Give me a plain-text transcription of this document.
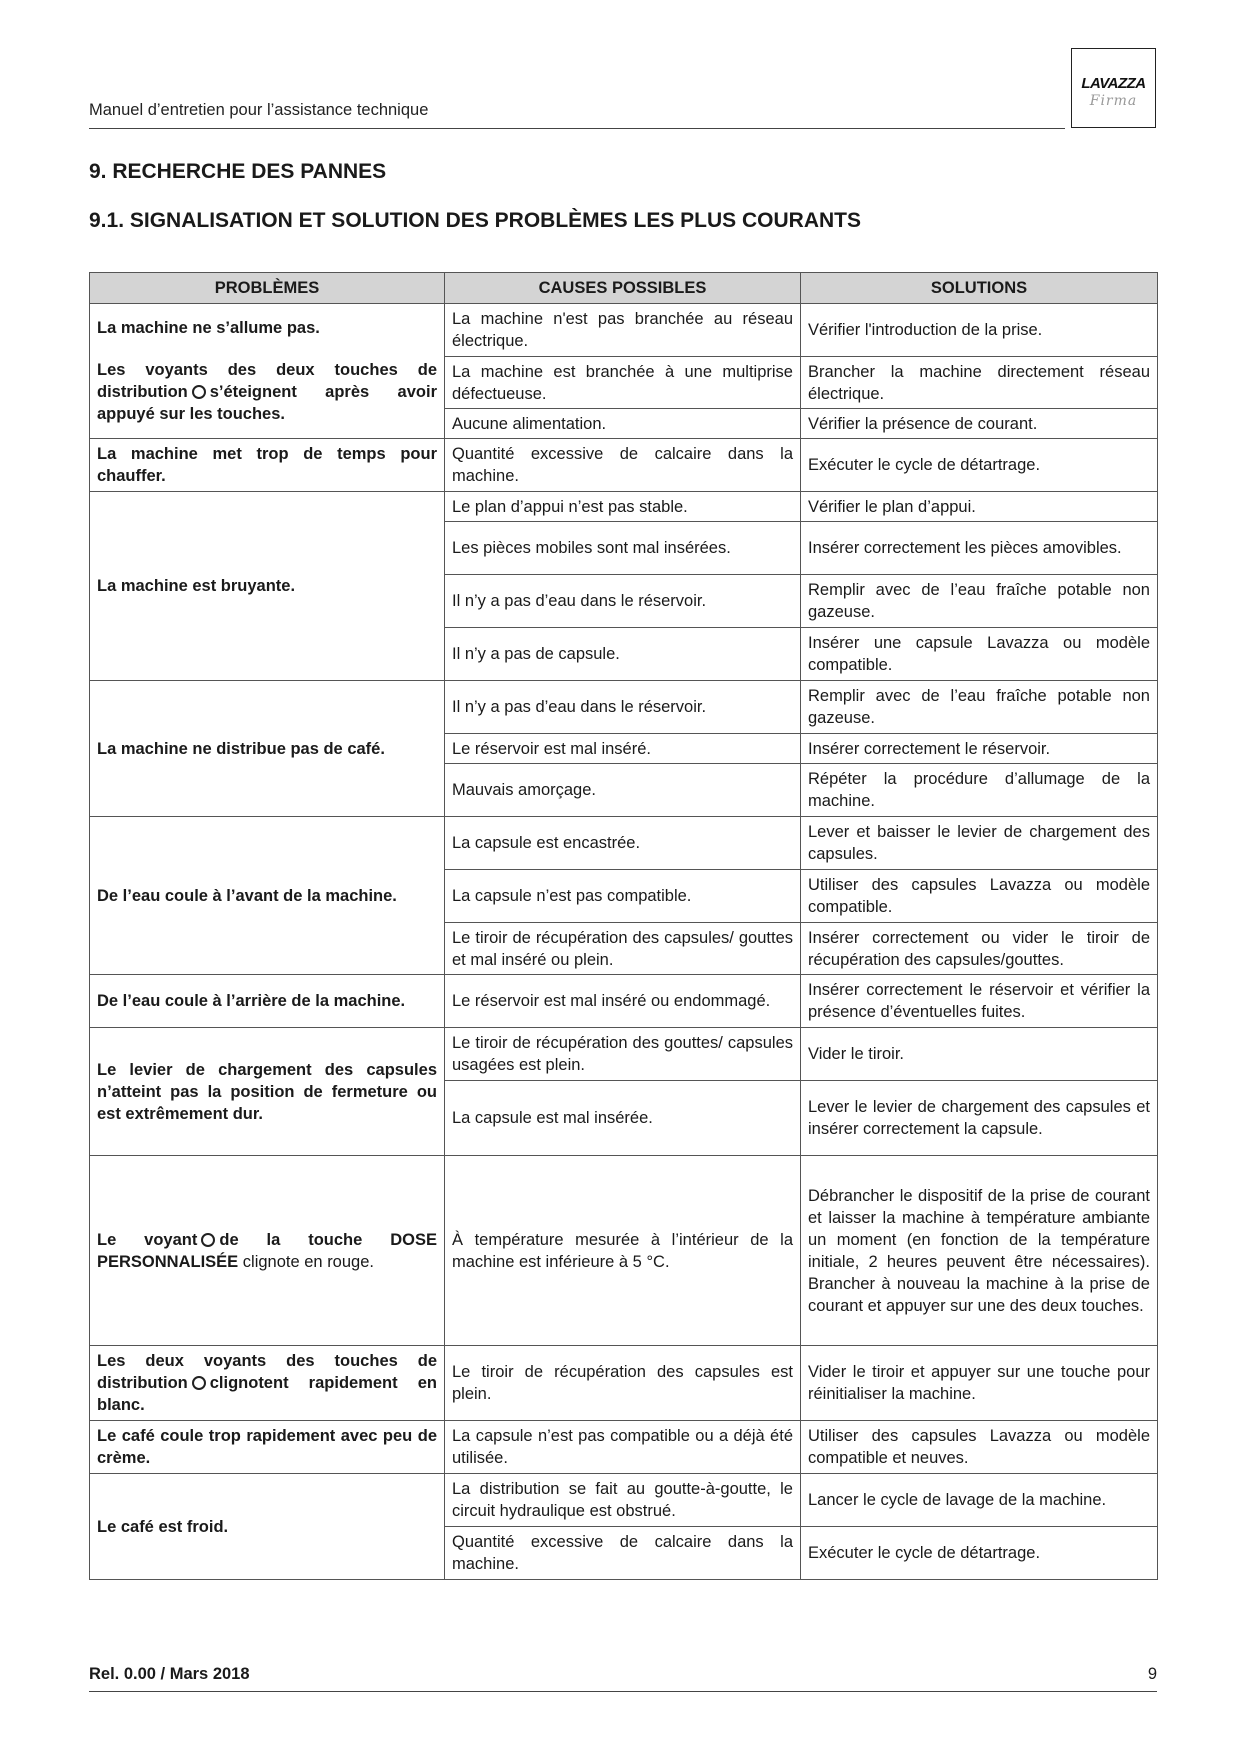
Manuel d’entretien pour l’assistance technique
LAVAZZA
Firma
9. RECHERCHE DES PANNES
9.1. SIGNALISATION ET SOLUTION DES PROBLÈMES LES PLUS COURANTS
PROBLÈMES	CAUSES POSSIBLES	SOLUTIONS

La machine ne s’allume pas.
Les voyants des deux touches de distribution s’éteignent après avoir appuyé sur les touches.	La machine n'est pas branchée au réseau électrique.	Vérifier l'introduction de la prise.
	La machine est branchée à une multiprise défectueuse.	Brancher la machine directement réseau électrique.
	Aucune alimentation.	Vérifier la présence de courant.
La machine met trop de temps pour chauffer.	Quantité excessive de calcaire dans la machine.	Exécuter le cycle de détartrage.
La machine est bruyante.	Le plan d’appui n’est pas stable.	Vérifier le plan d’appui.
	Les pièces mobiles sont mal insérées.	Insérer correctement les pièces amovibles.
	Il n’y a pas d’eau dans le réservoir.	Remplir avec de l’eau fraîche potable non gazeuse.
	Il n’y a pas de capsule.	Insérer une capsule Lavazza ou modèle compatible.
La machine ne distribue pas de café.	Il n’y a pas d’eau dans le réservoir.	Remplir avec de l’eau fraîche potable non gazeuse.
	Le réservoir est mal inséré.	Insérer correctement le réservoir.
	Mauvais amorçage.	Répéter la procédure d’allumage de la machine.
De l’eau coule à l’avant de la machine.	La capsule est encastrée.	Lever et baisser le levier de chargement des capsules.
	La capsule n’est pas compatible.	Utiliser des capsules Lavazza ou modèle compatible.
	Le tiroir de récupération des capsules/ gouttes et mal inséré ou plein.	Insérer correctement ou vider le tiroir de récupération des capsules/gouttes.
De l’eau coule à l’arrière de la machine.	Le réservoir est mal inséré ou endommagé.	Insérer correctement le réservoir et vérifier la présence d’éventuelles fuites.
Le levier de chargement des capsules n’atteint pas la position de fermeture ou est extrêmement dur.	Le tiroir de récupération des gouttes/ capsules usagées est plein.	Vider le tiroir.
	La capsule est mal insérée.	Lever le levier de chargement des capsules et insérer correctement la capsule.
Le voyant de la touche DOSE PERSONNALISÉE clignote en rouge.	À température mesurée à l’intérieur de la machine est inférieure à 5 °C.	Débrancher le dispositif de la prise de courant et laisser la machine à température ambiante un moment (en fonction de la température initiale, 2 heures peuvent être nécessaires). Brancher à nouveau la machine à la prise de courant et appuyer sur une des deux touches.
Les deux voyants des touches de distribution clignotent rapidement en blanc.	Le tiroir de récupération des capsules est plein.	Vider le tiroir et appuyer sur une touche pour réinitialiser la machine.
Le café coule trop rapidement avec peu de crème.	La capsule n’est pas compatible ou a déjà été utilisée.	Utiliser des capsules Lavazza ou modèle compatible et neuves.
Le café est froid.	La distribution se fait au goutte-à-goutte, le circuit hydraulique est obstrué.	Lancer le cycle de lavage de la machine.
	Quantité excessive de calcaire dans la machine.	Exécuter le cycle de détartrage.
Rel. 0.00 / Mars 2018	9
